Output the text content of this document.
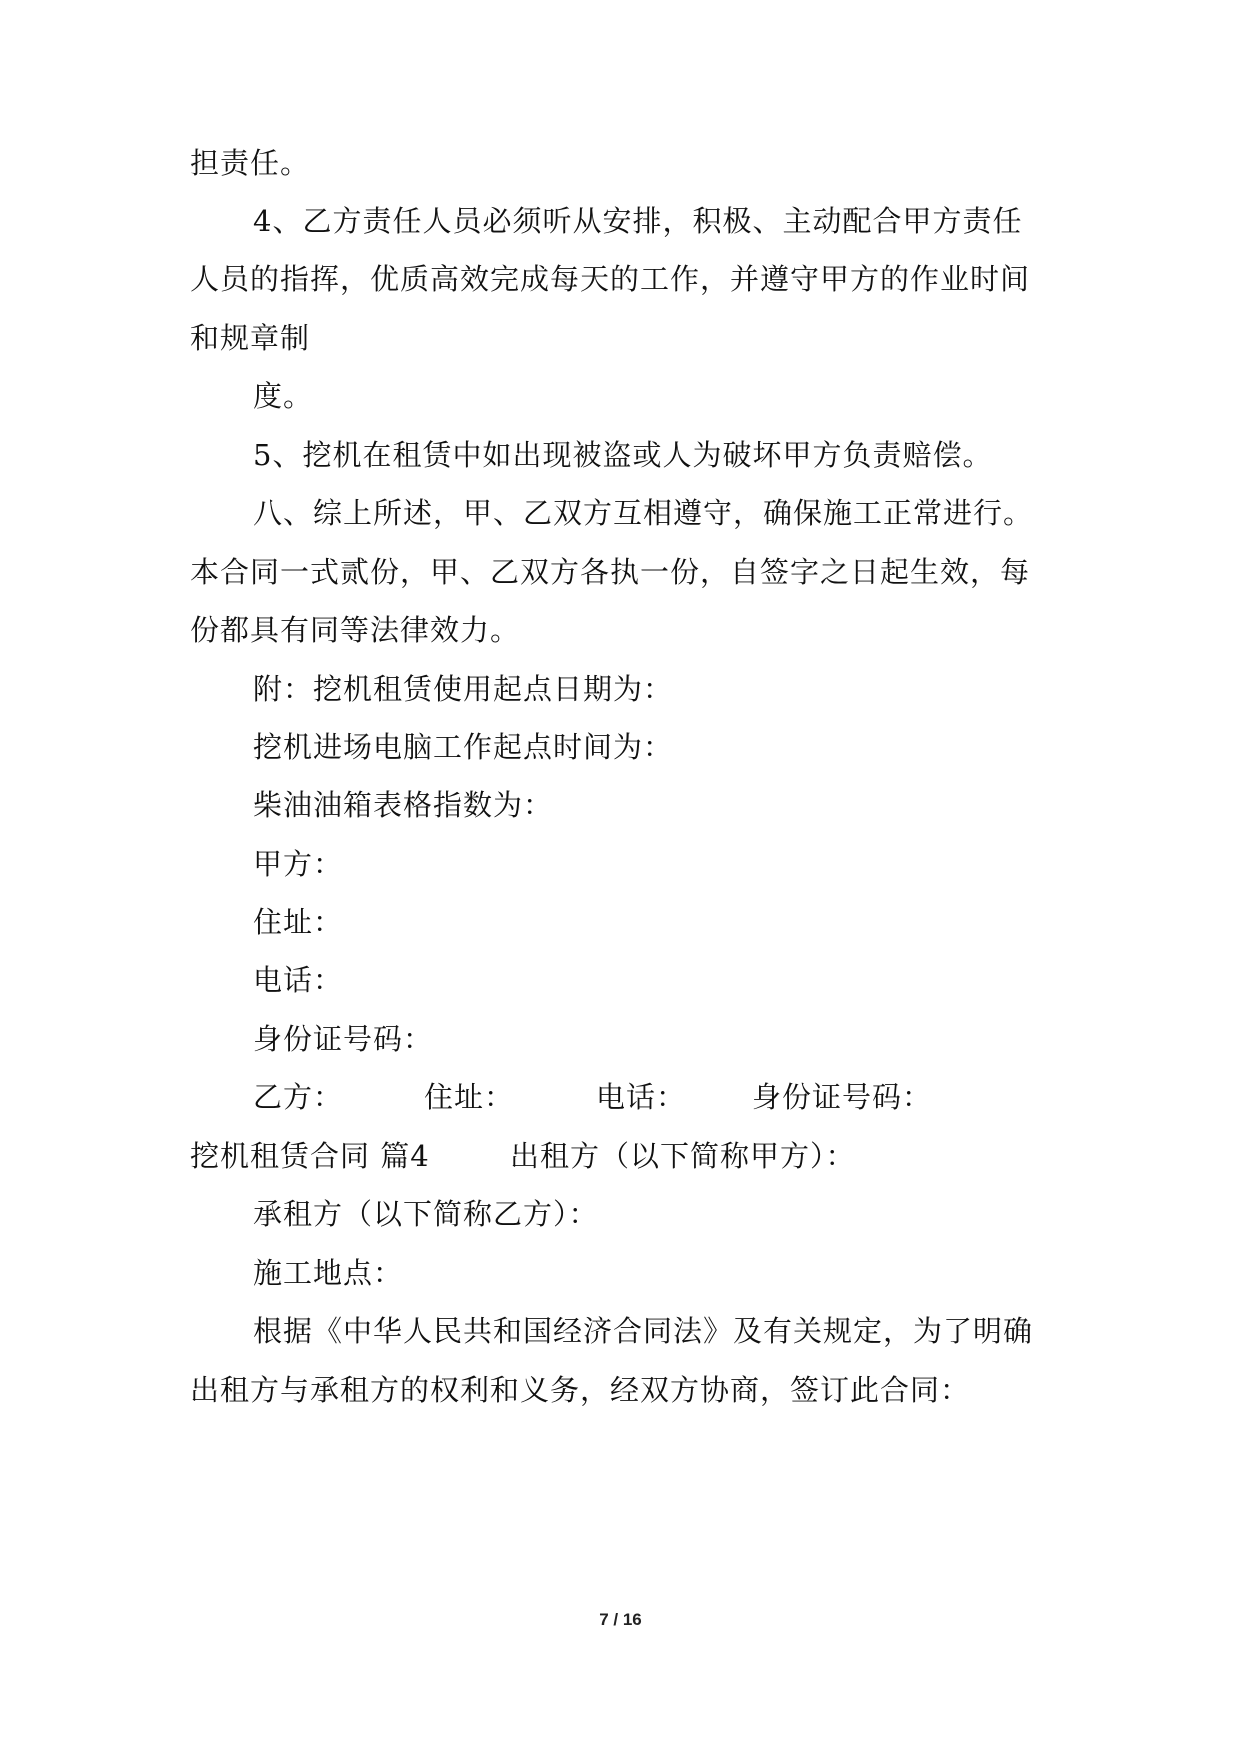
担责任。
4、乙方责任人员必须听从安排，积极、主动配合甲方责任
人员的指挥，优质高效完成每天的工作，并遵守甲方的作业时间
和规章制
度。
5、挖机在租赁中如出现被盗或人为破坏甲方负责赔偿。
八、综上所述，甲、乙双方互相遵守，确保施工正常进行。
本合同一式贰份，甲、乙双方各执一份，自签字之日起生效，每
份都具有同等法律效力。
附：挖机租赁使用起点日期为：
挖机进场电脑工作起点时间为：
柴油油箱表格指数为：
甲方：
住址：
电话：
身份证号码：
乙方：	住址：	电话： 身份证号码：
挖机租赁合同 篇4	出租方（以下简称甲方）：
承租方（以下简称乙方）：
施工地点：
根据《中华人民共和国经济合同法》及有关规定，为了明确
出租方与承租方的权利和义务，经双方协商，签订此合同：
7 / 16
